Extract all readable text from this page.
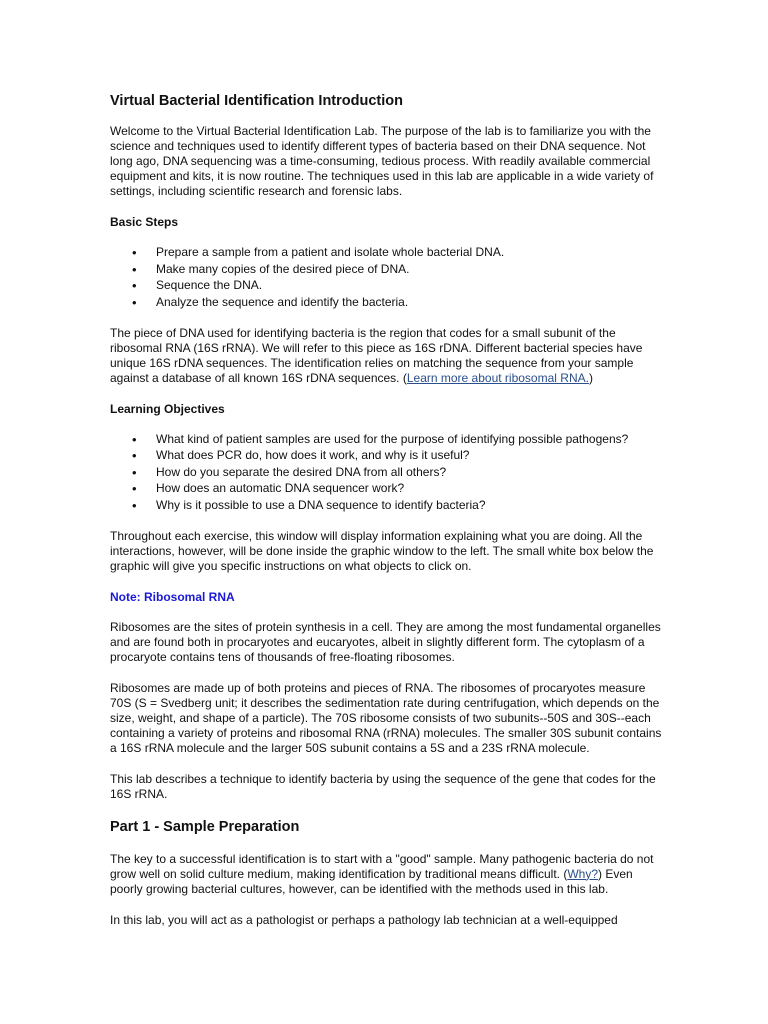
Virtual Bacterial Identification Introduction

Welcome to the Virtual Bacterial Identification Lab. The purpose of the lab is to familiarize you with the science and techniques used to identify different types of bacteria based on their DNA sequence. Not long ago, DNA sequencing was a time-consuming, tedious process. With readily available commercial equipment and kits, it is now routine. The techniques used in this lab are applicable in a wide variety of settings, including scientific research and forensic labs.

Basic Steps
• Prepare a sample from a patient and isolate whole bacterial DNA.
• Make many copies of the desired piece of DNA.
• Sequence the DNA.
• Analyze the sequence and identify the bacteria.

The piece of DNA used for identifying bacteria is the region that codes for a small subunit of the ribosomal RNA (16S rRNA). We will refer to this piece as 16S rDNA. Different bacterial species have unique 16S rDNA sequences. The identification relies on matching the sequence from your sample against a database of all known 16S rDNA sequences. (Learn more about ribosomal RNA.)

Learning Objectives
• What kind of patient samples are used for the purpose of identifying possible pathogens?
• What does PCR do, how does it work, and why is it useful?
• How do you separate the desired DNA from all others?
• How does an automatic DNA sequencer work?
• Why is it possible to use a DNA sequence to identify bacteria?

Throughout each exercise, this window will display information explaining what you are doing. All the interactions, however, will be done inside the graphic window to the left. The small white box below the graphic will give you specific instructions on what objects to click on.

Note: Ribosomal RNA

Ribosomes are the sites of protein synthesis in a cell. They are among the most fundamental organelles and are found both in procaryotes and eucaryotes, albeit in slightly different form. The cytoplasm of a procaryote contains tens of thousands of free-floating ribosomes.

Ribosomes are made up of both proteins and pieces of RNA. The ribosomes of procaryotes measure 70S (S = Svedberg unit; it describes the sedimentation rate during centrifugation, which depends on the size, weight, and shape of a particle). The 70S ribosome consists of two subunits--50S and 30S--each containing a variety of proteins and ribosomal RNA (rRNA) molecules. The smaller 30S subunit contains a 16S rRNA molecule and the larger 50S subunit contains a 5S and a 23S rRNA molecule.

This lab describes a technique to identify bacteria by using the sequence of the gene that codes for the 16S rRNA.

Part 1 - Sample Preparation

The key to a successful identification is to start with a "good" sample. Many pathogenic bacteria do not grow well on solid culture medium, making identification by traditional means difficult. (Why?) Even poorly growing bacterial cultures, however, can be identified with the methods used in this lab.

In this lab, you will act as a pathologist or perhaps a pathology lab technician at a well-equipped
